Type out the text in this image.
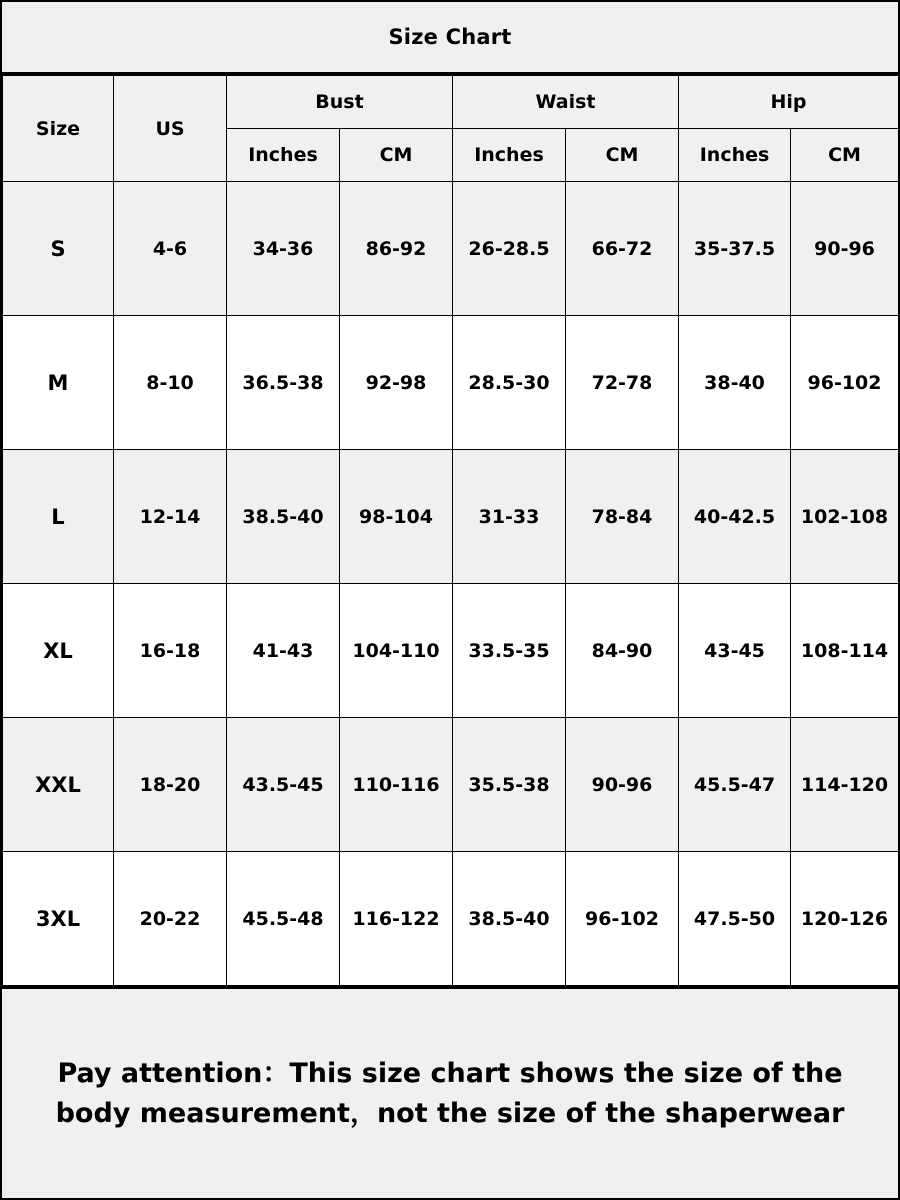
Size Chart
Size	US	Bust		Waist		Hip	
		Inches	CM	Inches	CM	Inches	CM
S	4-6	34-36	86-92	26-28.5	66-72	35-37.5	90-96
M	8-10	36.5-38	92-98	28.5-30	72-78	38-40	96-102
L	12-14	38.5-40	98-104	31-33	78-84	40-42.5	102-108
XL	16-18	41-43	104-110	33.5-35	84-90	43-45	108-114
XXL	18-20	43.5-45	110-116	35.5-38	90-96	45.5-47	114-120
3XL	20-22	45.5-48	116-122	38.5-40	96-102	47.5-50	120-126
Pay attention：This size chart shows the size of the body measurement，not the size of the shaperwear
